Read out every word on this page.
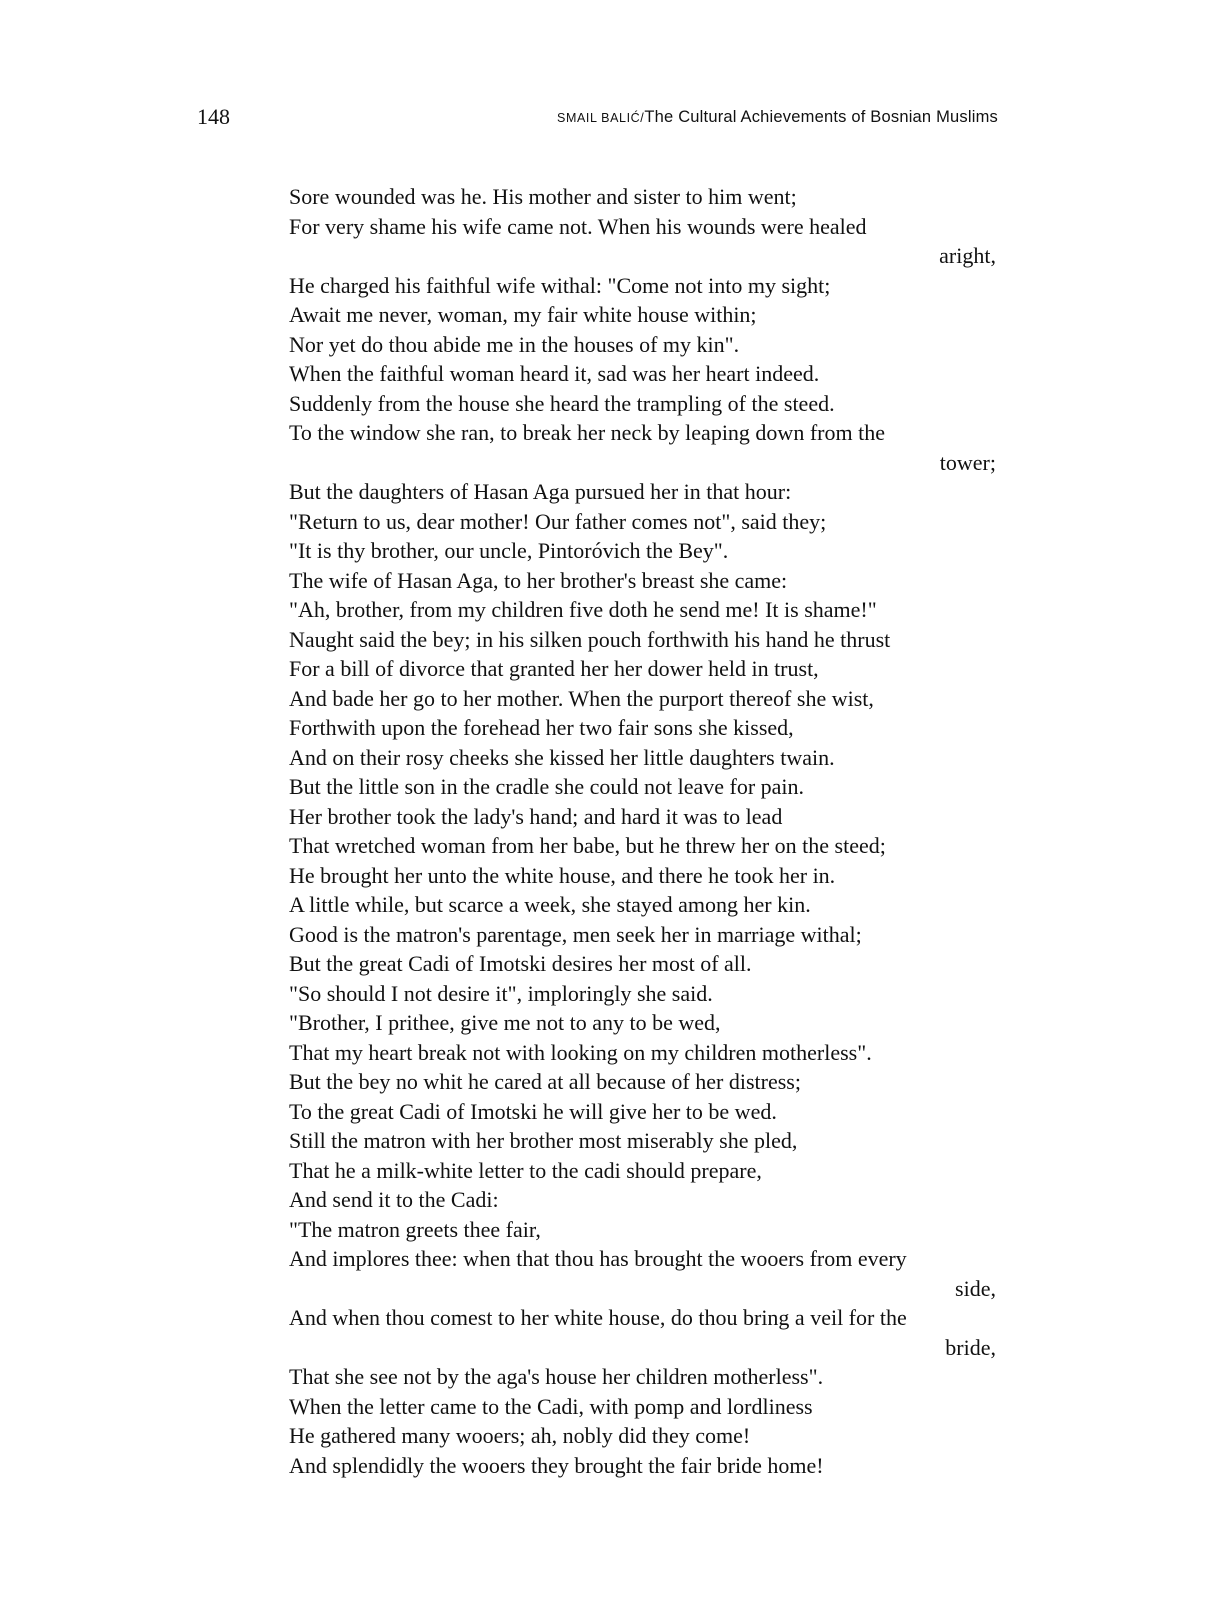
148	SMAIL BALIĆ/The Cultural Achievements of Bosnian Muslims
Sore wounded was he. His mother and sister to him went;
For very shame his wife came not. When his wounds were healed
aright,
He charged his faithful wife withal: "Come not into my sight;
Await me never, woman, my fair white house within;
Nor yet do thou abide me in the houses of my kin".
When the faithful woman heard it, sad was her heart indeed.
Suddenly from the house she heard the trampling of the steed.
To the window she ran, to break her neck by leaping down from the
tower;
But the daughters of Hasan Aga pursued her in that hour:
"Return to us, dear mother! Our father comes not", said they;
"It is thy brother, our uncle, Pintoróvich the Bey".
The wife of Hasan Aga, to her brother's breast she came:
"Ah, brother, from my children five doth he send me! It is shame!"
Naught said the bey; in his silken pouch forthwith his hand he thrust
For a bill of divorce that granted her her dower held in trust,
And bade her go to her mother. When the purport thereof she wist,
Forthwith upon the forehead her two fair sons she kissed,
And on their rosy cheeks she kissed her little daughters twain.
But the little son in the cradle she could not leave for pain.
Her brother took the lady's hand; and hard it was to lead
That wretched woman from her babe, but he threw her on the steed;
He brought her unto the white house, and there he took her in.
A little while, but scarce a week, she stayed among her kin.
Good is the matron's parentage, men seek her in marriage withal;
But the great Cadi of Imotski desires her most of all.
"So should I not desire it", imploringly she said.
"Brother, I prithee, give me not to any to be wed,
That my heart break not with looking on my children motherless".
But the bey no whit he cared at all because of her distress;
To the great Cadi of Imotski he will give her to be wed.
Still the matron with her brother most miserably she pled,
That he a milk-white letter to the cadi should prepare,
And send it to the Cadi:
"The matron greets thee fair,
And implores thee: when that thou has brought the wooers from every
side,
And when thou comest to her white house, do thou bring a veil for the
bride,
That she see not by the aga's house her children motherless".
When the letter came to the Cadi, with pomp and lordliness
He gathered many wooers; ah, nobly did they come!
And splendidly the wooers they brought the fair bride home!
